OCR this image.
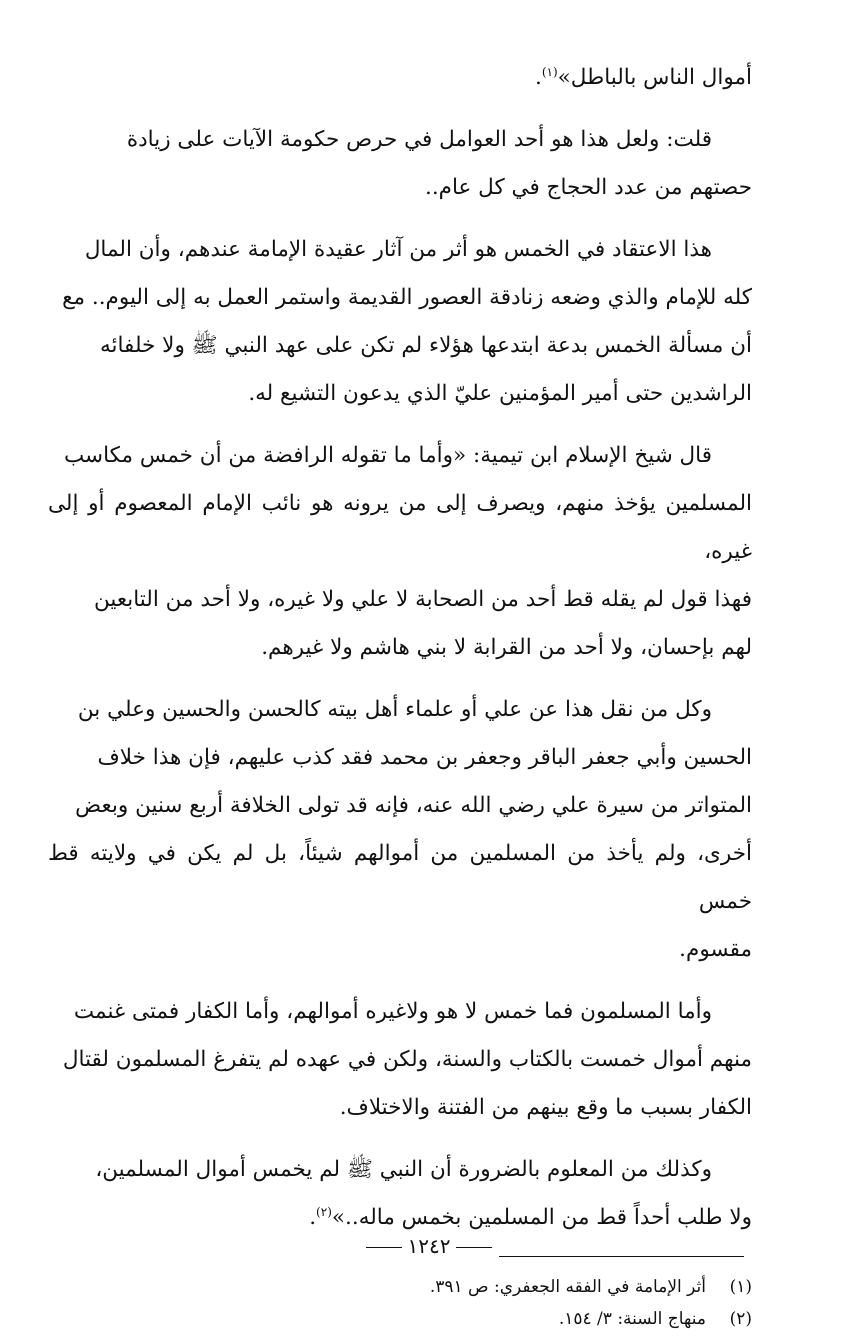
أموال الناس بالباطل»$^{(١)}$.

قلت: ولعل هذا هو أحد العوامل في حرص حكومة الآيات على زيادة
حصتهم من عدد الحجاج في كل عام..

هذا الاعتقاد في الخمس هو أثر من آثار عقيدة الإمامة عندهم، وأن المال
كله للإمام والذي وضعه زنادقة العصور القديمة واستمر العمل به إلى اليوم.. مع
أن مسألة الخمس بدعة ابتدعها هؤلاء لم تكن على عهد النبي ﷺ ولا خلفائه
الراشدين حتى أمير المؤمنين عليّ الذي يدعون التشيع له.

قال شيخ الإسلام ابن تيمية: «وأما ما تقوله الرافضة من أن خمس مكاسب
المسلمين يؤخذ منهم، ويصرف إلى من يرونه هو نائب الإمام المعصوم أو إلى غيره،
فهذا قول لم يقله قط أحد من الصحابة لا علي ولا غيره، ولا أحد من التابعين
لهم بإحسان، ولا أحد من القرابة لا بني هاشم ولا غيرهم.

وكل من نقل هذا عن علي أو علماء أهل بيته كالحسن والحسين وعلي بن
الحسين وأبي جعفر الباقر وجعفر بن محمد فقد كذب عليهم، فإن هذا خلاف
المتواتر من سيرة علي رضي الله عنه، فإنه قد تولى الخلافة أربع سنين وبعض
أخرى، ولم يأخذ من المسلمين من أموالهم شيئاً، بل لم يكن في ولايته قط خمس
مقسوم.

وأما المسلمون فما خمس لا هو ولاغيره أموالهم، وأما الكفار فمتى غنمت
منهم أموال خمست بالكتاب والسنة، ولكن في عهده لم يتفرغ المسلمون لقتال
الكفار بسبب ما وقع بينهم من الفتنة والاختلاف.

وكذلك من المعلوم بالضرورة أن النبي ﷺ لم يخمس أموال المسلمين،
ولا طلب أحداً قط من المسلمين بخمس ماله..»$^{(٢)}$.

(١)أثر الإمامة في الفقه الجعفري: ص ٣٩١.

(٢)منهاج السنة: ٣/ ١٥٤.

١٢٤٢
